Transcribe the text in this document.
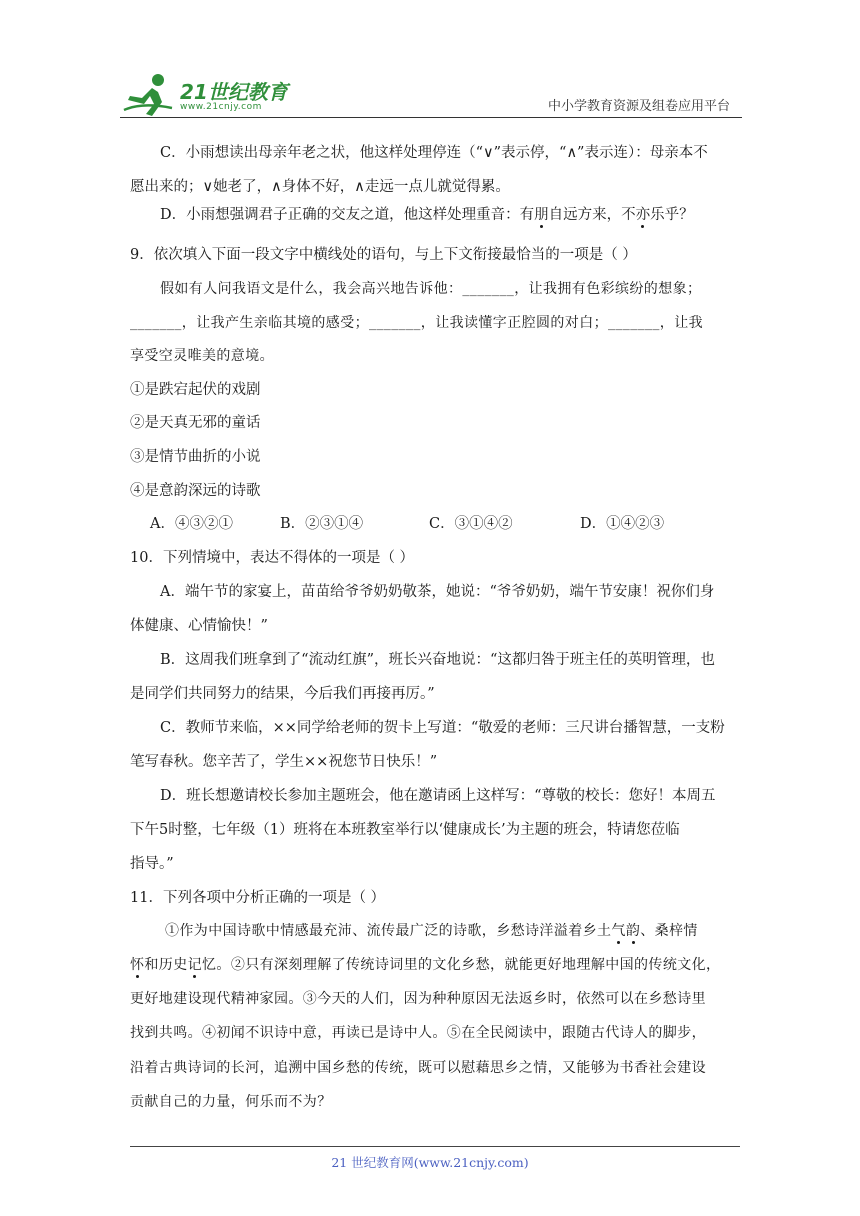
21世纪教育
www.21cnjy.com	中小学教育资源及组卷应用平台
C．小雨想读出母亲年老之状，他这样处理停连（“∨”表示停，“∧”表示连）：母亲本不
愿出来的；∨她老了，∧身体不好，∧走远一点儿就觉得累。
D．小雨想强调君子正确的交友之道，他这样处理重音：有朋自远方来，不亦乐乎？
9．依次填入下面一段文字中横线处的语句，与上下文衔接最恰当的一项是（ ）
假如有人问我语文是什么，我会高兴地告诉他：_______，让我拥有色彩缤纷的想象；
_______，让我产生亲临其境的感受；_______，让我读懂字正腔圆的对白；_______，让我
享受空灵唯美的意境。
①是跌宕起伏的戏剧
②是天真无邪的童话
③是情节曲折的小说
④是意韵深远的诗歌
A．④③②①	B．②③①④	C．③①④②	D．①④②③
10．下列情境中，表达不得体的一项是（ ）
A．端午节的家宴上，苗苗给爷爷奶奶敬茶，她说：“爷爷奶奶，端午节安康！祝你们身
体健康、心情愉快！”
B．这周我们班拿到了“流动红旗”，班长兴奋地说：“这都归咎于班主任的英明管理，也
是同学们共同努力的结果，今后我们再接再厉。”
C．教师节来临，××同学给老师的贺卡上写道：“敬爱的老师：三尺讲台播智慧，一支粉
笔写春秋。您辛苦了，学生××祝您节日快乐！”
D．班长想邀请校长参加主题班会，他在邀请函上这样写：“尊敬的校长：您好！本周五
下午5时整，七年级（1）班将在本班教室举行以‘健康成长’为主题的班会，特请您莅临
指导。”
11．下列各项中分析正确的一项是（ ）
①作为中国诗歌中情感最充沛、流传最广泛的诗歌，乡愁诗洋溢着乡土气韵、桑梓情
怀和历史记忆。②只有深刻理解了传统诗词里的文化乡愁，就能更好地理解中国的传统文化，
更好地建设现代精神家园。③今天的人们，因为种种原因无法返乡时，依然可以在乡愁诗里
找到共鸣。④初闻不识诗中意，再读已是诗中人。⑤在全民阅读中，跟随古代诗人的脚步，
沿着古典诗词的长河，追溯中国乡愁的传统，既可以慰藉思乡之情，又能够为书香社会建设
贡献自己的力量，何乐而不为？
21 世纪教育网(www.21cnjy.com)
